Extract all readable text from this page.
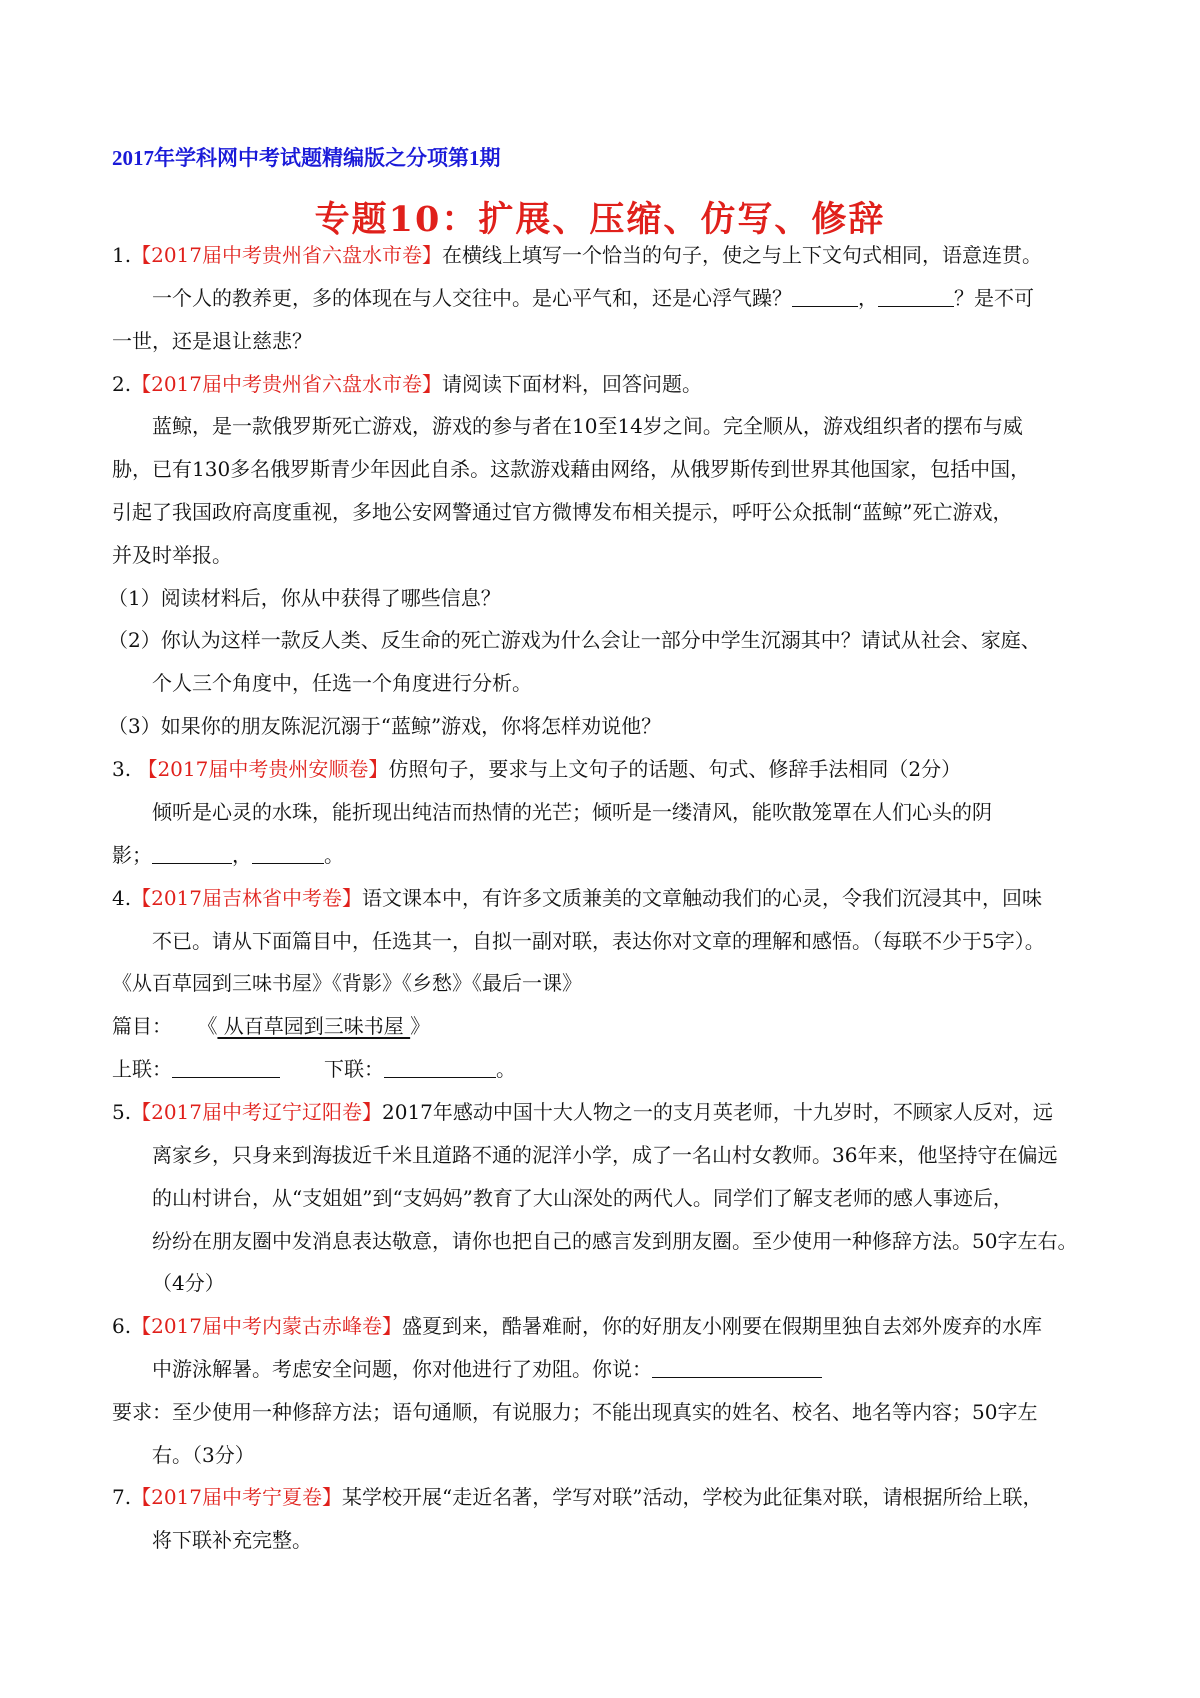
2017年学科网中考试题精编版之分项第1期
专题10：扩展、压缩、仿写、修辞
1.【2017届中考贵州省六盘水市卷】在横线上填写一个恰当的句子，使之与上下文句式相同，语意连贯。
一个人的教养更，多的体现在与人交往中。是心平气和，还是心浮气躁？	，	？是不可
一世，还是退让慈悲？
2.【2017届中考贵州省六盘水市卷】请阅读下面材料，回答问题。
蓝鲸，是一款俄罗斯死亡游戏，游戏的参与者在10至14岁之间。完全顺从，游戏组织者的摆布与威
胁，已有130多名俄罗斯青少年因此自杀。这款游戏藉由网络，从俄罗斯传到世界其他国家，包括中国，
引起了我国政府高度重视，多地公安网警通过官方微博发布相关提示，呼吁公众抵制“蓝鲸”死亡游戏，
并及时举报。
（1）阅读材料后，你从中获得了哪些信息？
（2）你认为这样一款反人类、反生命的死亡游戏为什么会让一部分中学生沉溺其中？请试从社会、家庭、
个人三个角度中，任选一个角度进行分析。
（3）如果你的朋友陈泥沉溺于“蓝鲸”游戏，你将怎样劝说他？
3. 【2017届中考贵州安顺卷】仿照句子，要求与上文句子的话题、句式、修辞手法相同（2分）
倾听是心灵的水珠，能折现出纯洁而热情的光芒；倾听是一缕清风，能吹散笼罩在人们心头的阴
影；	，	。
4.【2017届吉林省中考卷】语文课本中，有许多文质兼美的文章触动我们的心灵，令我们沉浸其中，回味
不已。请从下面篇目中，任选其一，自拟一副对联，表达你对文章的理解和感悟。（每联不少于5字）。
《从百草园到三味书屋》《背影》《乡愁》《最后一课》
篇目： 《 从百草园到三味书屋 》
上联：	下联：	。
5.【2017届中考辽宁辽阳卷】2017年感动中国十大人物之一的支月英老师，十九岁时，不顾家人反对，远
离家乡，只身来到海拔近千米且道路不通的泥洋小学，成了一名山村女教师。36年来，他坚持守在偏远
的山村讲台，从“支姐姐”到“支妈妈”教育了大山深处的两代人。同学们了解支老师的感人事迹后，
纷纷在朋友圈中发消息表达敬意，请你也把自己的感言发到朋友圈。至少使用一种修辞方法。50字左右。
（4分）
6.【2017届中考内蒙古赤峰卷】盛夏到来，酷暑难耐，你的好朋友小刚要在假期里独自去郊外废弃的水库
中游泳解暑。考虑安全问题，你对他进行了劝阻。你说：
要求：至少使用一种修辞方法；语句通顺，有说服力；不能出现真实的姓名、校名、地名等内容；50字左
右。（3分）
7.【2017届中考宁夏卷】某学校开展“走近名著，学写对联”活动，学校为此征集对联，请根据所给上联，
将下联补充完整。
